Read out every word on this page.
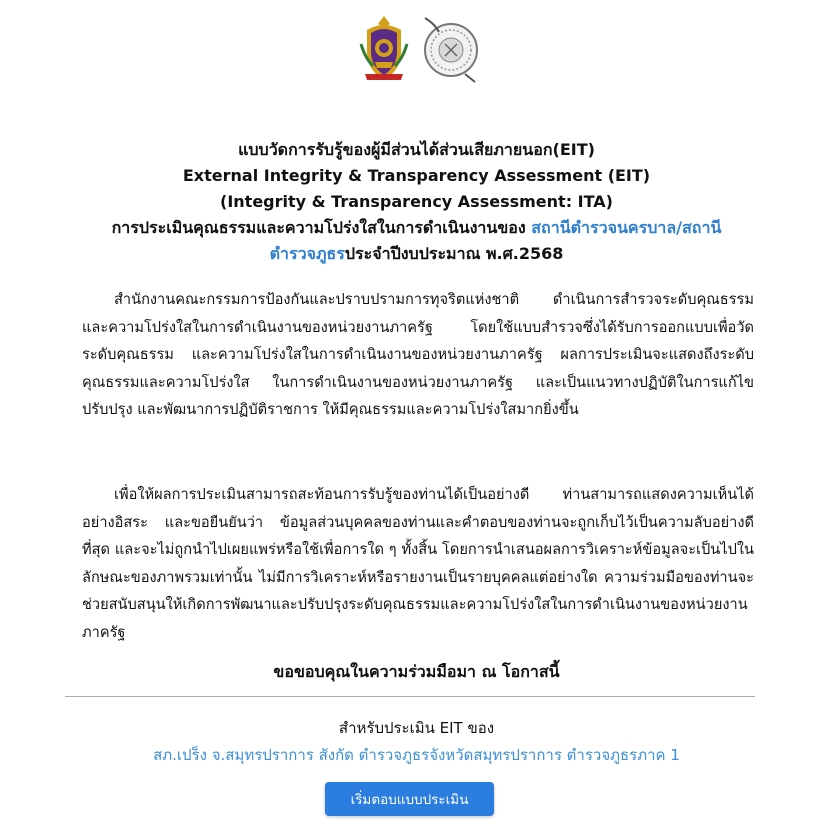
แบบวัดการรับรู้ของผู้มีส่วนได้ส่วนเสียภายนอก(EIT)
External Integrity & Transparency Assessment (EIT)
(Integrity & Transparency Assessment: ITA)
การประเมินคุณธรรมและความโปร่งใสในการดำเนินงานของ สถานีตำรวจนครบาล/สถานี
ตำรวจภูธรประจำปีงบประมาณ พ.ศ.2568

สำนักงานคณะกรรมการป้องกันและปราบปรามการทุจริตแห่งชาติ ดำเนินการสำรวจระดับคุณธรรม และความโปร่งใสในการดำเนินงานของหน่วยงานภาครัฐ โดยใช้แบบสำรวจซึ่งได้รับการออกแบบเพื่อวัดระดับคุณธรรม และความโปร่งใสในการดำเนินงานของหน่วยงานภาครัฐ ผลการประเมินจะแสดงถึงระดับคุณธรรมและความโปร่งใส ในการดำเนินงานของหน่วยงานภาครัฐ และเป็นแนวทางปฏิบัติในการแก้ไข ปรับปรุง และพัฒนาการปฏิบัติราชการ ให้มีคุณธรรมและความโปร่งใสมากยิ่งขึ้น

เพื่อให้ผลการประเมินสามารถสะท้อนการรับรู้ของท่านได้เป็นอย่างดี ท่านสามารถแสดงความเห็นได้อย่างอิสระ และขอยืนยันว่า ข้อมูลส่วนบุคคลของท่านและคำตอบของท่านจะถูกเก็บไว้เป็นความลับอย่างดีที่สุด และจะไม่ถูกนำไปเผยแพร่หรือใช้เพื่อการใด ๆ ทั้งสิ้น โดยการนำเสนอผลการวิเคราะห์ข้อมูลจะเป็นไปในลักษณะของภาพรวมเท่านั้น ไม่มีการวิเคราะห์หรือรายงานเป็นรายบุคคลแต่อย่างใด ความร่วมมือของท่านจะช่วยสนับสนุนให้เกิดการพัฒนาและปรับปรุงระดับคุณธรรมและความโปร่งใสในการดำเนินงานของหน่วยงานภาครัฐ

ขอขอบคุณในความร่วมมือมา ณ โอกาสนี้
สำหรับประเมิน EIT ของ
สภ.เปร็ง จ.สมุทรปราการ สังกัด ตำรวจภูธรจังหวัดสมุทรปราการ ตำรวจภูธรภาค 1
เริ่มตอบแบบประเมิน
